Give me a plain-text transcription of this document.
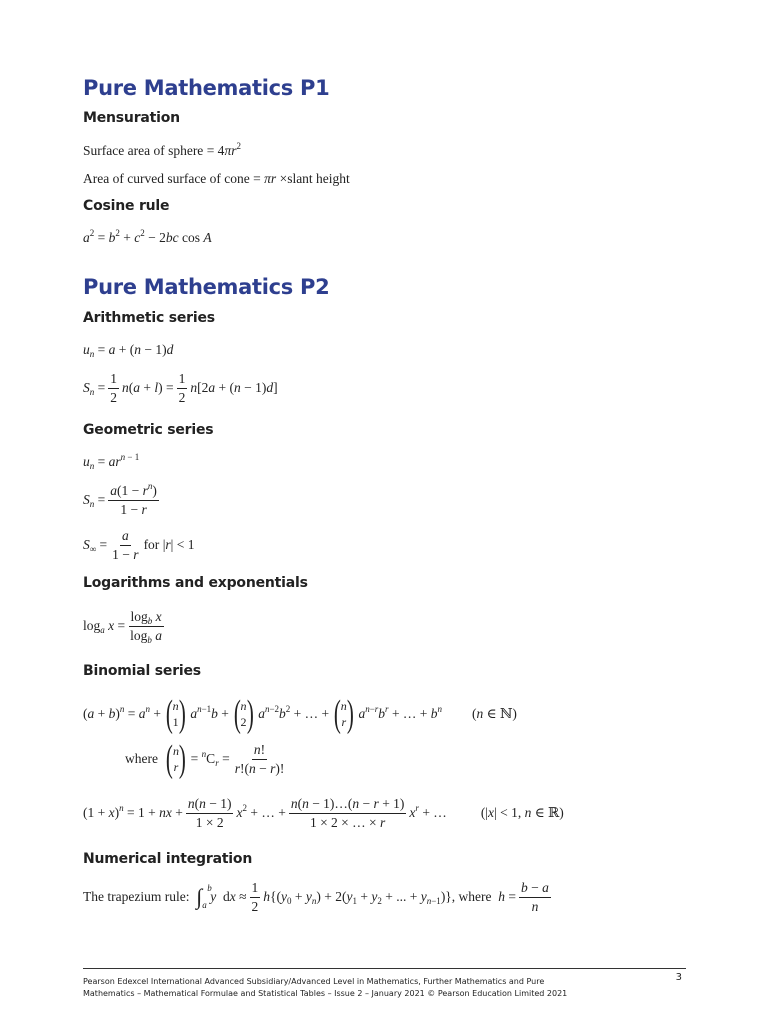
Pure Mathematics P1
Mensuration
Surface area of sphere = $4\pi r^2$
Area of curved surface of cone = πr × slant height
Cosine rule
$a^2 = b^2 + c^2 - 2bc$ cos A
Pure Mathematics P2
Arithmetic series
$u_n = a + (n - 1)d$
$S_n = \frac{1}{2} n(a + l) = \frac{1}{2} n[2a + (n - 1)d]$
Geometric series
$u_n = ar^{n - 1}$
$S_n = \frac{a(1 - r^n)}{1 - r}$
$S_\infty = \frac{a}{1 - r}$ for |r| < 1
Logarithms and exponentials
$\log_a x = \frac{\log_b x}{\log_b a}$
Binomial series
$(a + b)^n = a^n$ + ( n
1 ) $a^{n-1}b$ + ( n
2 ) $a^{n-2}b^2$ + … + ( n
r ) $a^{n-r}b^r$ + … + $b^n$ (n ∈ ℕ)
where
( n
r ) = $^nC_r = \frac{n!}{r!(n - r)!}$
$(1 + x)^n = 1$ + nx + $\frac{n(n - 1)}{1 \times 2} x^2$ + … + $\frac{n(n - 1)\dots(n - r + 1)}{1 \times 2 \times \dots \times r} x^r$ + …	(|x| < 1, n ∈ ℝ)
Numerical integration
The trapezium rule:
∫ b
a
y  dx ≈ $\frac{1}{2} h\{(y_0 + y_n) + 2(y_1 + y_2$ + ... + $y_{n-1}$)} , where $h = \frac{b - a}{n}$
Pearson Edexcel International Advanced Subsidiary/Advanced Level in Mathematics, Further Mathematics and Pure
Mathematics – Mathematical Formulae and Statistical Tables – Issue 2 – January 2021 © Pearson Education Limited 2021
3
